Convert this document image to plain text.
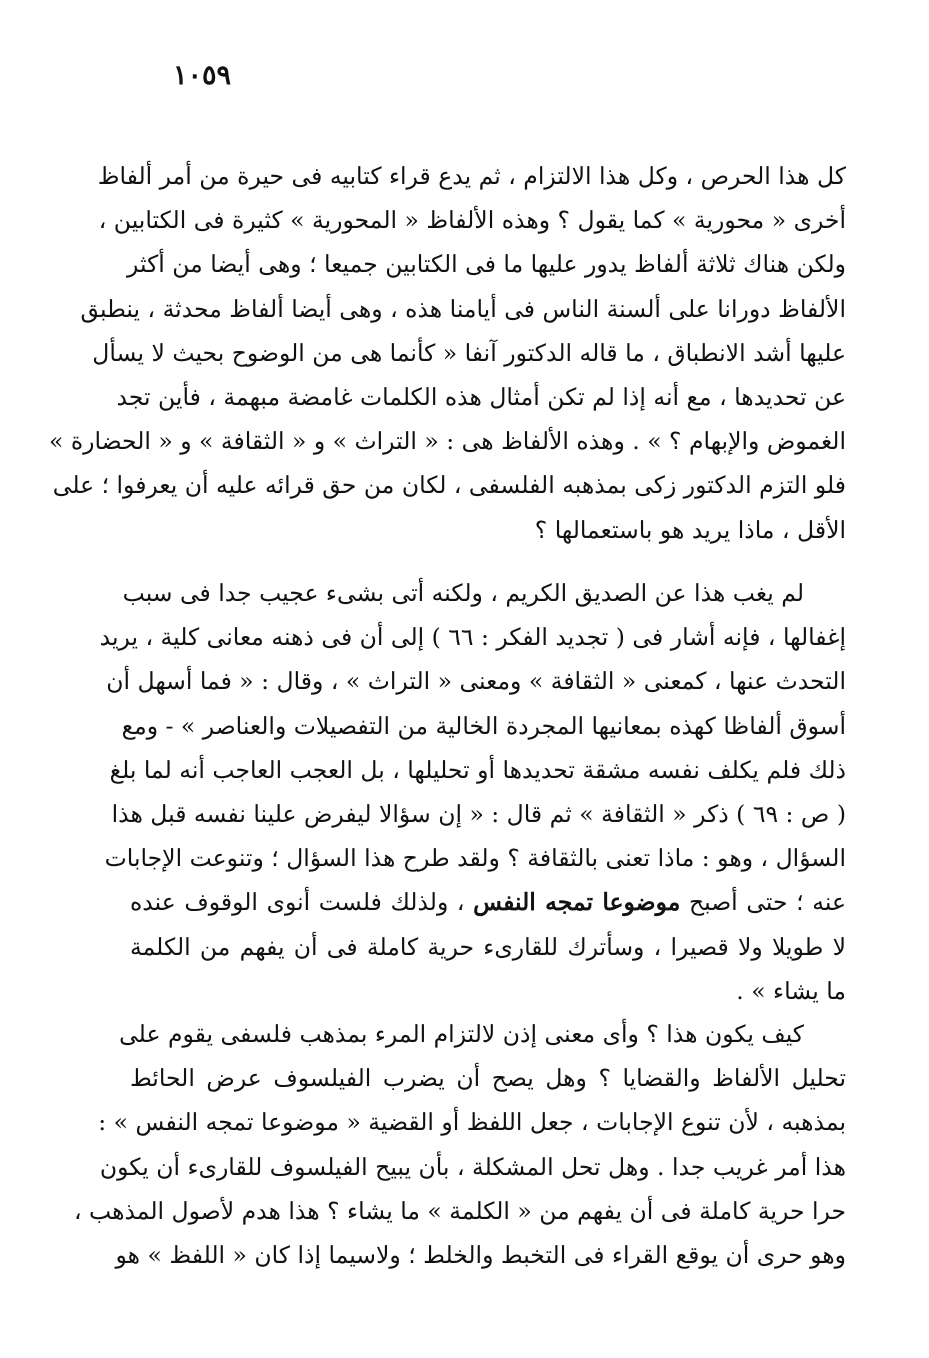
١٠٥٩
كل هذا الحرص ، وكل هذا الالتزام ، ثم يدع قراء كتابيه فى حيرة من أمر ألفاظ
أخرى « محورية » كما يقول ؟ وهذه الألفاظ « المحورية » كثيرة فى الكتابين ،
ولكن هناك ثلاثة ألفاظ يدور عليها ما فى الكتابين جميعا ؛ وهى أيضا من أكثر
الألفاظ دورانا على ألسنة الناس فى أيامنا هذه ، وهى أيضا ألفاظ محدثة ، ينطبق
عليها أشد الانطباق ، ما قاله الدكتور آنفا « كأنما هى من الوضوح بحيث لا يسأل
عن تحديدها ، مع أنه إذا لم تكن أمثال هذه الكلمات غامضة مبهمة ، فأين تجد
الغموض والإبهام ؟ » . وهذه الألفاظ هى : « التراث » و « الثقافة » و « الحضارة »
فلو التزم الدكتور زكى بمذهبه الفلسفى ، لكان من حق قرائه عليه أن يعرفوا ؛ على
الأقل ، ماذا يريد هو باستعمالها ؟
لم يغب هذا عن الصديق الكريم ، ولكنه أتى بشىء عجيب جدا فى سبب
إغفالها ، فإنه أشار فى ( تجديد الفكر : ٦٦ ) إلى أن فى ذهنه معانى كلية ، يريد
التحدث عنها ، كمعنى « الثقافة » ومعنى « التراث » ، وقال : « فما أسهل أن
أسوق ألفاظا كهذه بمعانيها المجردة الخالية من التفصيلات والعناصر » - ومع
ذلك فلم يكلف نفسه مشقة تحديدها أو تحليلها ، بل العجب العاجب أنه لما بلغ
( ص : ٦٩ ) ذكر « الثقافة » ثم قال : « إن سؤالا ليفرض علينا نفسه قبل هذا
السؤال ، وهو : ماذا تعنى بالثقافة ؟ ولقد طرح هذا السؤال ؛ وتنوعت الإجابات
عنه ؛ حتى أصبح موضوعا تمجه النفس ، ولذلك فلست أنوى الوقوف عنده
لا طويلا ولا قصيرا ، وسأترك للقارىء حرية كاملة فى أن يفهم من الكلمة
ما يشاء » .
كيف يكون هذا ؟ وأى معنى إذن لالتزام المرء بمذهب فلسفى يقوم على
تحليل الألفاظ والقضايا ؟ وهل يصح أن يضرب الفيلسوف عرض الحائط
بمذهبه ، لأن تنوع الإجابات ، جعل اللفظ أو القضية « موضوعا تمجه النفس » :
هذا أمر غريب جدا . وهل تحل المشكلة ، بأن يبيح الفيلسوف للقارىء أن يكون
حرا حرية كاملة فى أن يفهم من « الكلمة » ما يشاء ؟ هذا هدم لأصول المذهب ،
وهو حرى أن يوقع القراء فى التخبط والخلط ؛ ولاسيما إذا كان « اللفظ » هو
